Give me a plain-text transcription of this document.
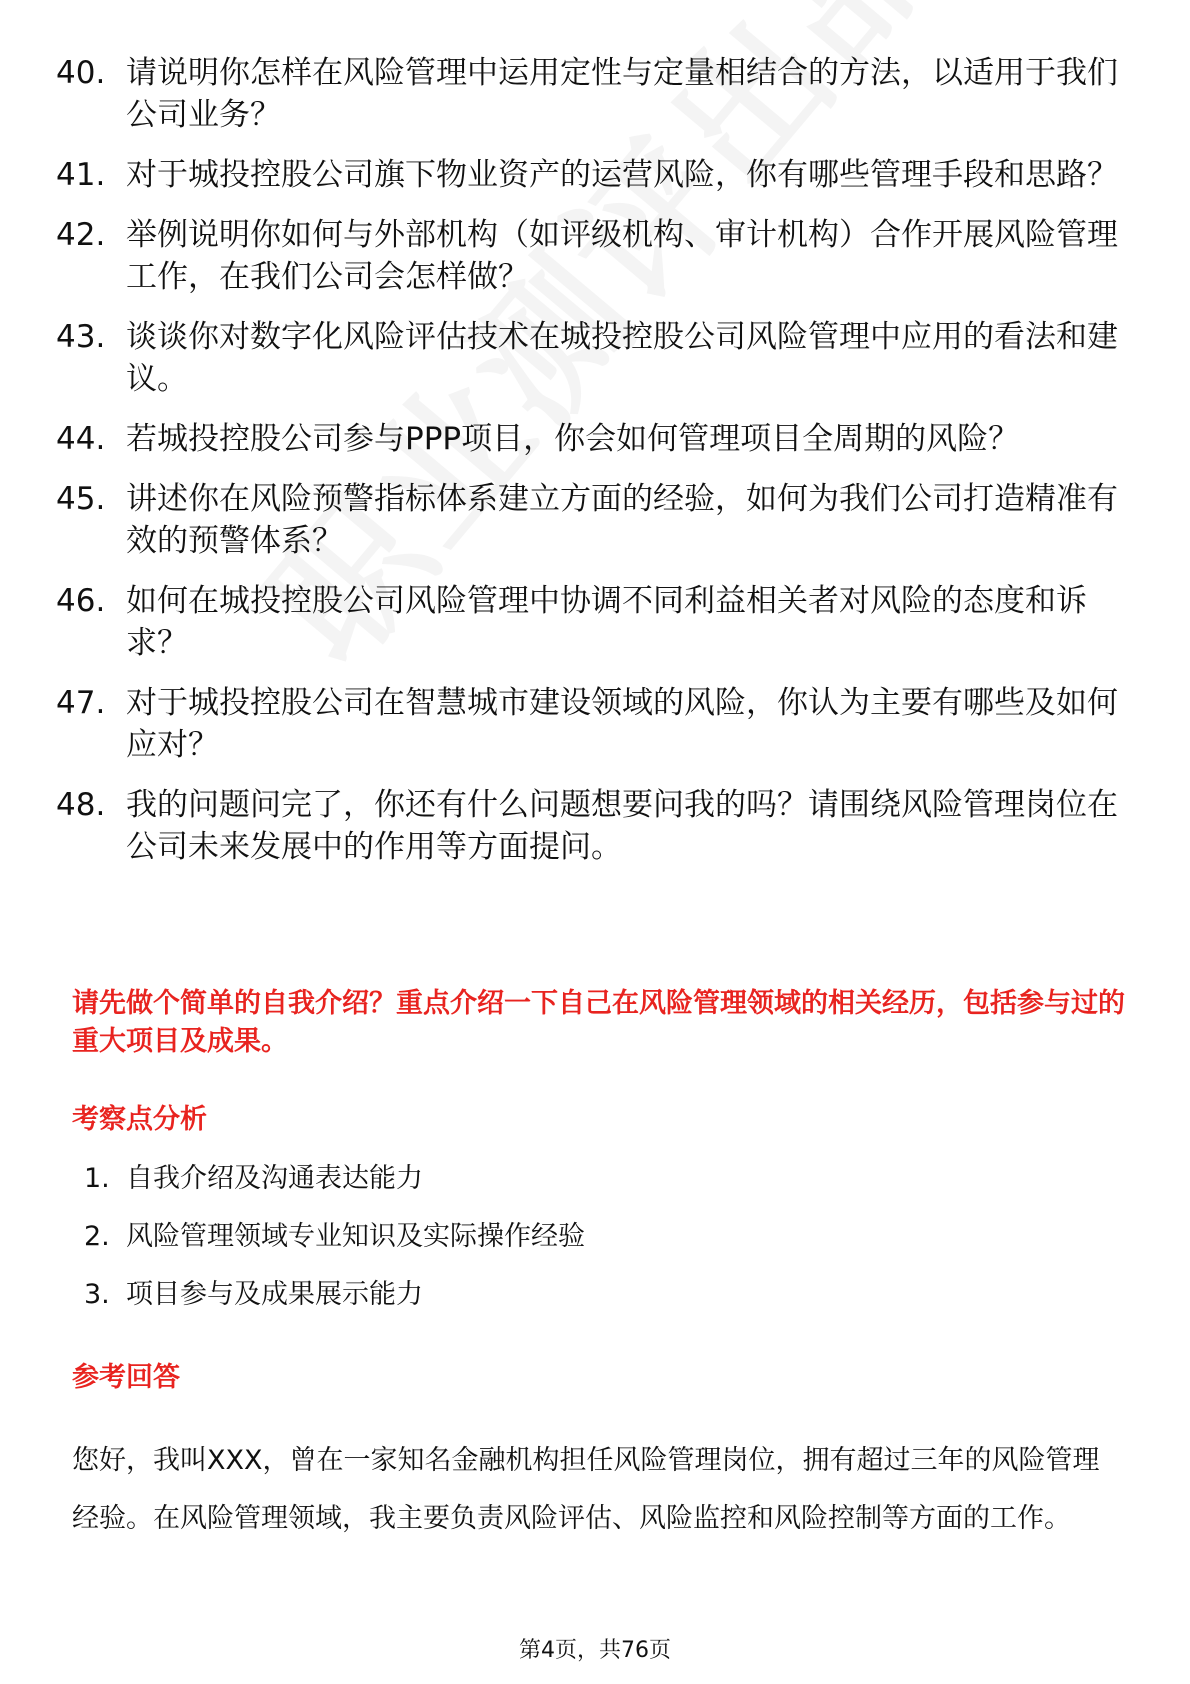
40. 请说明你怎样在风险管理中运用定性与定量相结合的方法，以适用于我们公司业务？
41. 对于城投控股公司旗下物业资产的运营风险，你有哪些管理手段和思路？
42. 举例说明你如何与外部机构（如评级机构、审计机构）合作开展风险管理工作，在我们公司会怎样做？
43. 谈谈你对数字化风险评估技术在城投控股公司风险管理中应用的看法和建议。
44. 若城投控股公司参与PPP项目，你会如何管理项目全周期的风险？
45. 讲述你在风险预警指标体系建立方面的经验，如何为我们公司打造精准有效的预警体系？
46. 如何在城投控股公司风险管理中协调不同利益相关者对风险的态度和诉求？
47. 对于城投控股公司在智慧城市建设领域的风险，你认为主要有哪些及如何应对？
48. 我的问题问完了，你还有什么问题想要问我的吗？请围绕风险管理岗位在公司未来发展中的作用等方面提问。
请先做个简单的自我介绍？重点介绍一下自己在风险管理领域的相关经历，包括参与过的重大项目及成果。
考察点分析
1. 自我介绍及沟通表达能力
2. 风险管理领域专业知识及实际操作经验
3. 项目参与及成果展示能力
参考回答
您好，我叫XXX，曾在一家知名金融机构担任风险管理岗位，拥有超过三年的风险管理经验。在风险管理领域，我主要负责风险评估、风险监控和风险控制等方面的工作。
第4页，共76页
